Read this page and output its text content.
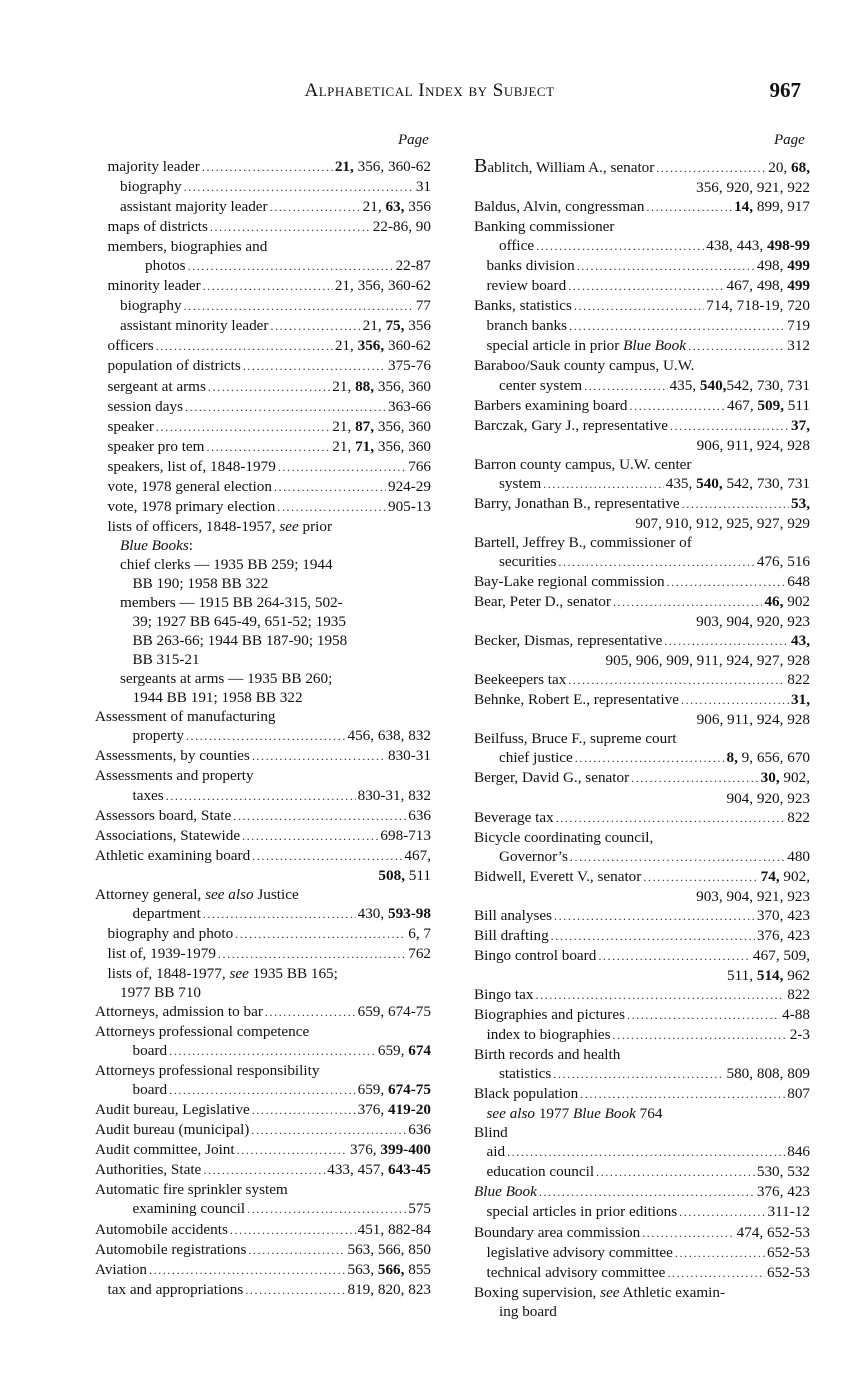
Alphabetical Index by Subject	967
Page	Page
majority leader .....	21, 356, 360-62
biography .....	31
assistant majority leader .....	21, 63, 356
maps of districts .....	22-86, 90
members, biographies and
photos .....	22-87
minority leader .....	21, 356, 360-62
biography .....	77
assistant minority leader .....	21, 75, 356
officers .....	21, 356, 360-62
population of districts .....	375-76
sergeant at arms .....	21, 88, 356, 360
session days .....	363-66
speaker .....	21, 87, 356, 360
speaker pro tem .....	21, 71, 356, 360
speakers, list of, 1848-1979 .....	766
vote, 1978 general election .....	924-29
vote, 1978 primary election .....	905-13
lists of officers, 1848-1957, see prior
Blue Books:
chief clerks — 1935 BB 259; 1944
BB 190; 1958 BB 322
members — 1915 BB 264-315, 502-
39; 1927 BB 645-49, 651-52; 1935
BB 263-66; 1944 BB 187-90; 1958
BB 315-21
sergeants at arms — 1935 BB 260;
1944 BB 191; 1958 BB 322
Assessment of manufacturing
property .....	456, 638, 832
Assessments, by counties .....	830-31
Assessments and property
taxes .....	830-31, 832
Assessors board, State .....	636
Associations, Statewide .....	698-713
Athletic examining board .....	467,
508, 511
Attorney general, see also Justice
department .....	430, 593-98
biography and photo .....	6, 7
list of, 1939-1979 .....	762
lists of, 1848-1977, see 1935 BB 165;
1977 BB 710
Attorneys, admission to bar .....	659, 674-75
Attorneys professional competence
board .....	659, 674
Attorneys professional responsibility
board .....	659, 674-75
Audit bureau, Legislative .....	376, 419-20
Audit bureau (municipal) .....	636
Audit committee, Joint .....	376, 399-400
Authorities, State .....	433, 457, 643-45
Automatic fire sprinkler system
examining council .....	575
Automobile accidents .....	451, 882-84
Automobile registrations .....	563, 566, 850
Aviation .....	563, 566, 855
tax and appropriations .....	819, 820, 823
Bablitch, William A., senator .....	20, 68,
356, 920, 921, 922
Baldus, Alvin, congressman .....	14, 899, 917
Banking commissioner
office .....	438, 443, 498-99
banks division .....	498, 499
review board .....	467, 498, 499
Banks, statistics .....	714, 718-19, 720
branch banks .....	719
special article in prior Blue Book .....	312
Baraboo/Sauk county campus, U.W.
center system .....	435, 540,542, 730, 731
Barbers examining board .....	467, 509, 511
Barczak, Gary J., representative .....	37,
906, 911, 924, 928
Barron county campus, U.W. center
system .....	435, 540, 542, 730, 731
Barry, Jonathan B., representative .....	53,
907, 910, 912, 925, 927, 929
Bartell, Jeffrey B., commissioner of
securities .....	476, 516
Bay-Lake regional commission .....	648
Bear, Peter D., senator .....	46, 902
903, 904, 920, 923
Becker, Dismas, representative .....	43,
905, 906, 909, 911, 924, 927, 928
Beekeepers tax .....	822
Behnke, Robert E., representative .....	31,
906, 911, 924, 928
Beilfuss, Bruce F., supreme court
chief justice .....	8, 9, 656, 670
Berger, David G., senator .....	30, 902,
904, 920, 923
Beverage tax .....	822
Bicycle coordinating council,
Governor’s .....	480
Bidwell, Everett V., senator .....	74, 902,
903, 904, 921, 923
Bill analyses .....	370, 423
Bill drafting .....	376, 423
Bingo control board .....	467, 509,
511, 514, 962
Bingo tax .....	822
Biographies and pictures .....	4-88
index to biographies .....	2-3
Birth records and health
statistics .....	580, 808, 809
Black population .....	807
see also 1977 Blue Book 764
Blind
aid .....	846
education council .....	530, 532
Blue Book .....	376, 423
special articles in prior editions .....	311-12
Boundary area commission .....	474, 652-53
legislative advisory committee .....	652-53
technical advisory committee .....	652-53
Boxing supervision, see Athletic examin-
ing board
